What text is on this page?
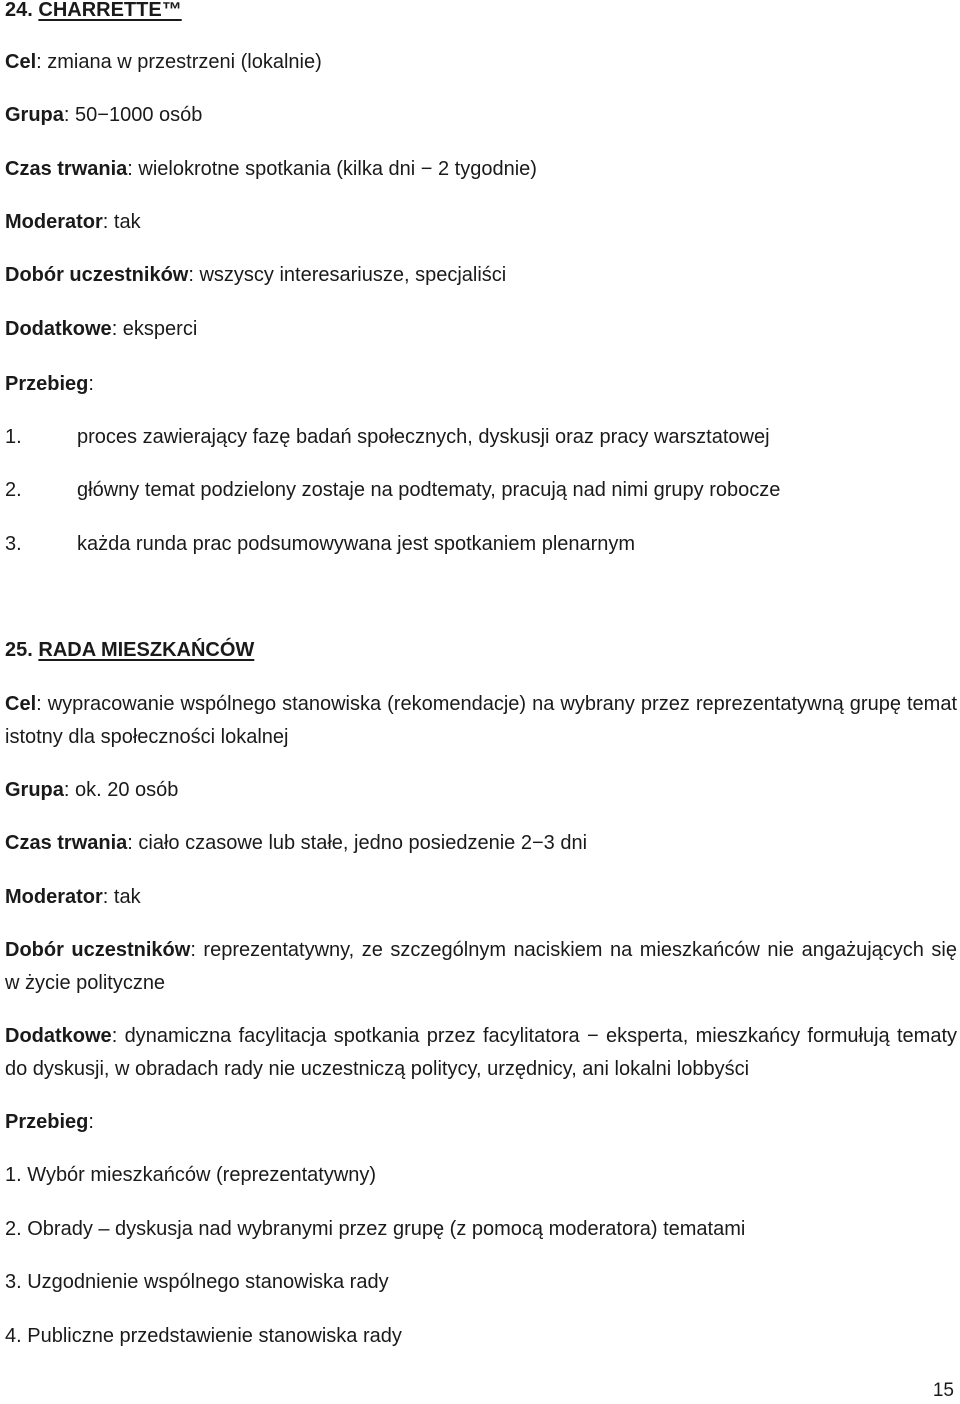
24. CHARRETTE™
Cel: zmiana w przestrzeni (lokalnie)
Grupa: 50−1000 osób
Czas trwania: wielokrotne spotkania (kilka dni − 2 tygodnie)
Moderator: tak
Dobór uczestników: wszyscy interesariusze, specjaliści
Dodatkowe: eksperci
Przebieg:
1.	proces zawierający fazę badań społecznych, dyskusji oraz pracy warsztatowej
2.	główny temat podzielony zostaje na podtematy, pracują nad nimi grupy robocze
3.	każda runda prac podsumowywana jest spotkaniem plenarnym
25. RADA MIESZKAŃCÓW
Cel: wypracowanie wspólnego stanowiska (rekomendacje) na wybrany przez reprezentatywną grupę temat istotny dla społeczności lokalnej
Grupa: ok. 20 osób
Czas trwania: ciało czasowe lub stałe, jedno posiedzenie 2−3 dni
Moderator: tak
Dobór uczestników: reprezentatywny, ze szczególnym naciskiem na mieszkańców nie angażujących się w życie polityczne
Dodatkowe: dynamiczna facylitacja spotkania przez facylitatora − eksperta, mieszkańcy formułują tematy do dyskusji, w obradach rady nie uczestniczą politycy, urzędnicy, ani lokalni lobbyści
Przebieg:
1. Wybór mieszkańców (reprezentatywny)
2. Obrady – dyskusja nad wybranymi przez grupę (z pomocą moderatora) tematami
3. Uzgodnienie wspólnego stanowiska rady
4. Publiczne przedstawienie stanowiska rady
15
